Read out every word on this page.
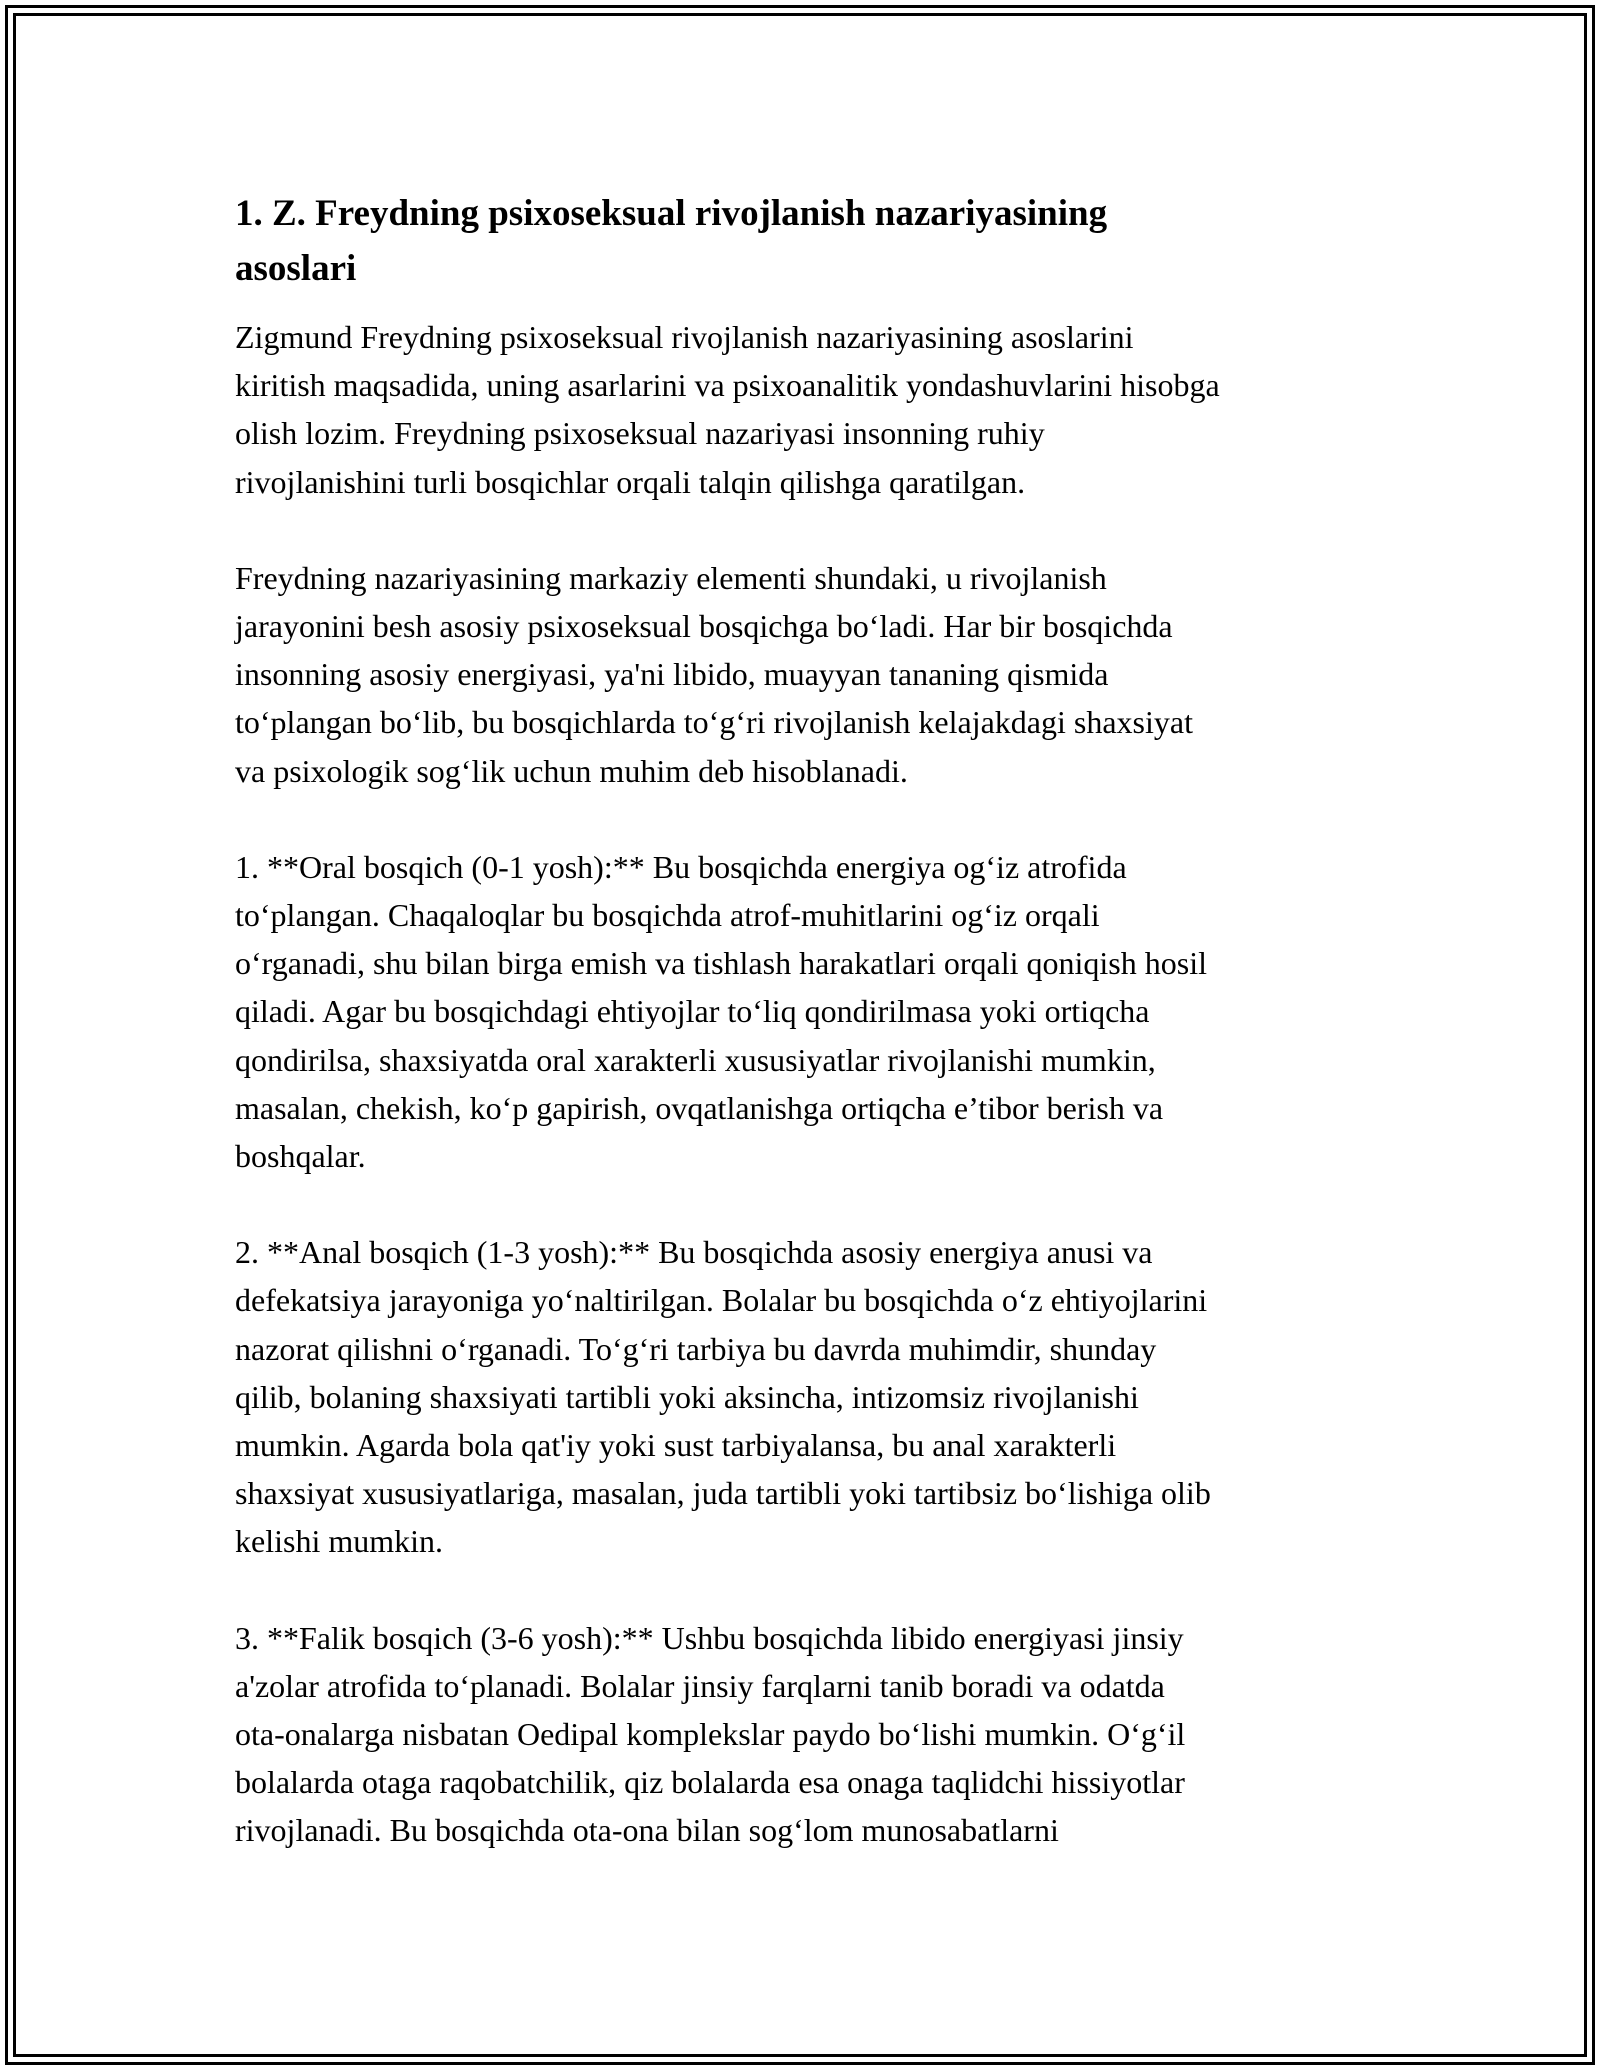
1. Z. Freydning psixoseksual rivojlanish nazariyasining
asoslari

Zigmund Freydning psixoseksual rivojlanish nazariyasining asoslarini
kiritish maqsadida, uning asarlarini va psixoanalitik yondashuvlarini hisobga
olish lozim. Freydning psixoseksual nazariyasi insonning ruhiy
rivojlanishini turli bosqichlar orqali talqin qilishga qaratilgan.

Freydning nazariyasining markaziy elementi shundaki, u rivojlanish
jarayonini besh asosiy psixoseksual bosqichga bo‘ladi. Har bir bosqichda
insonning asosiy energiyasi, ya'ni libido, muayyan tananing qismida
to‘plangan bo‘lib, bu bosqichlarda to‘g‘ri rivojlanish kelajakdagi shaxsiyat
va psixologik sog‘lik uchun muhim deb hisoblanadi.

1. **Oral bosqich (0-1 yosh):** Bu bosqichda energiya og‘iz atrofida
to‘plangan. Chaqaloqlar bu bosqichda atrof-muhitlarini og‘iz orqali
o‘rganadi, shu bilan birga emish va tishlash harakatlari orqali qoniqish hosil
qiladi. Agar bu bosqichdagi ehtiyojlar to‘liq qondirilmasa yoki ortiqcha
qondirilsa, shaxsiyatda oral xarakterli xususiyatlar rivojlanishi mumkin,
masalan, chekish, ko‘p gapirish, ovqatlanishga ortiqcha e’tibor berish va
boshqalar.

2. **Anal bosqich (1-3 yosh):** Bu bosqichda asosiy energiya anusi va
defekatsiya jarayoniga yo‘naltirilgan. Bolalar bu bosqichda o‘z ehtiyojlarini
nazorat qilishni o‘rganadi. To‘g‘ri tarbiya bu davrda muhimdir, shunday
qilib, bolaning shaxsiyati tartibli yoki aksincha, intizomsiz rivojlanishi
mumkin. Agarda bola qat'iy yoki sust tarbiyalansa, bu anal xarakterli
shaxsiyat xususiyatlariga, masalan, juda tartibli yoki tartibsiz bo‘lishiga olib
kelishi mumkin.

3. **Falik bosqich (3-6 yosh):** Ushbu bosqichda libido energiyasi jinsiy
a'zolar atrofida to‘planadi. Bolalar jinsiy farqlarni tanib boradi va odatda
ota-onalarga nisbatan Oedipal komplekslar paydo bo‘lishi mumkin. O‘g‘il
bolalarda otaga raqobatchilik, qiz bolalarda esa onaga taqlidchi hissiyotlar
rivojlanadi. Bu bosqichda ota-ona bilan sog‘lom munosabatlarni
